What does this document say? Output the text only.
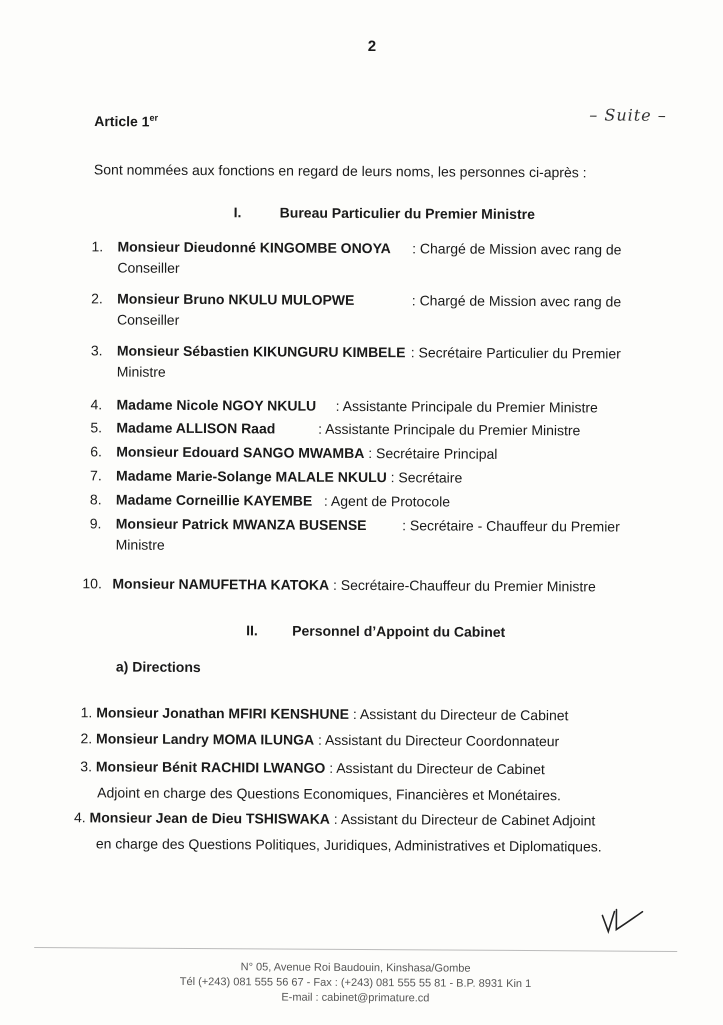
2
Article 1er	– Suite –
Sont nommées aux fonctions en regard de leurs noms, les personnes ci-après :
I.	Bureau Particulier du Premier Ministre
1. Monsieur Dieudonné KINGOMBE ONOYA : Chargé de Mission avec rang de
Conseiller
2. Monsieur Bruno NKULU MULOPWE	: Chargé de Mission avec rang de
Conseiller
3. Monsieur Sébastien KIKUNGURU KIMBELE : Secrétaire Particulier du Premier
Ministre
4. Madame Nicole NGOY NKULU : Assistante Principale du Premier Ministre
5. Madame ALLISON Raad	: Assistante Principale du Premier Ministre
6. Monsieur Edouard SANGO MWAMBA : Secrétaire Principal
7. Madame Marie-Solange MALALE NKULU : Secrétaire
8. Madame Corneillie KAYEMBE : Agent de Protocole
9. Monsieur Patrick MWANZA BUSENSE	: Secrétaire - Chauffeur du Premier
Ministre
10. Monsieur NAMUFETHA KATOKA : Secrétaire-Chauffeur du Premier Ministre
II. Personnel d’Appoint du Cabinet
a) Directions
1. Monsieur Jonathan MFIRI KENSHUNE : Assistant du Directeur de Cabinet
2. Monsieur Landry MOMA ILUNGA : Assistant du Directeur Coordonnateur
3. Monsieur Bénit RACHIDI LWANGO : Assistant du Directeur de Cabinet
Adjoint en charge des Questions Economiques, Financières et Monétaires.
4. Monsieur Jean de Dieu TSHISWAKA : Assistant du Directeur de Cabinet Adjoint
en charge des Questions Politiques, Juridiques, Administratives et Diplomatiques.
N° 05, Avenue Roi Baudouin, Kinshasa/Gombe
Tél (+243) 081 555 56 67 - Fax : (+243) 081 555 55 81 - B.P. 8931 Kin 1
E-mail : cabinet@primature.cd
